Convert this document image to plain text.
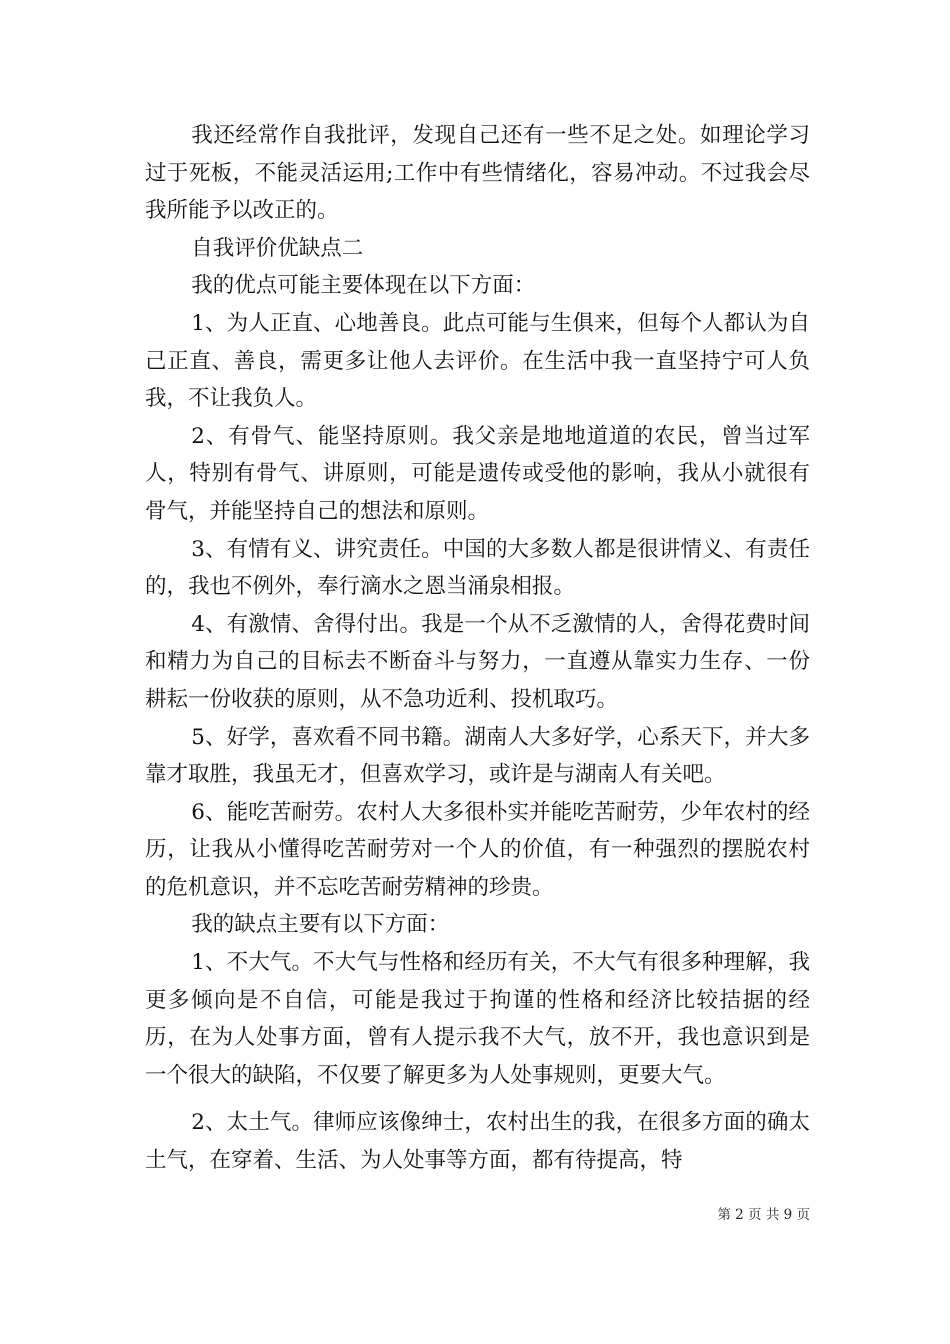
我还经常作自我批评，发现自己还有一些不足之处。如理论学习过于死板，不能灵活运用;工作中有些情绪化，容易冲动。不过我会尽我所能予以改正的。

自我评价优缺点二

我的优点可能主要体现在以下方面：

1、为人正直、心地善良。此点可能与生俱来，但每个人都认为自己正直、善良，需更多让他人去评价。在生活中我一直坚持宁可人负我，不让我负人。

2、有骨气、能坚持原则。我父亲是地地道道的农民，曾当过军人，特别有骨气、讲原则，可能是遗传或受他的影响，我从小就很有骨气，并能坚持自己的想法和原则。

3、有情有义、讲究责任。中国的大多数人都是很讲情义、有责任的，我也不例外，奉行滴水之恩当涌泉相报。

4、有激情、舍得付出。我是一个从不乏激情的人，舍得花费时间和精力为自己的目标去不断奋斗与努力，一直遵从靠实力生存、一份耕耘一份收获的原则，从不急功近利、投机取巧。

5、好学，喜欢看不同书籍。湖南人大多好学，心系天下，并大多靠才取胜，我虽无才，但喜欢学习，或许是与湖南人有关吧。

6、能吃苦耐劳。农村人大多很朴实并能吃苦耐劳，少年农村的经历，让我从小懂得吃苦耐劳对一个人的价值，有一种强烈的摆脱农村的危机意识，并不忘吃苦耐劳精神的珍贵。

我的缺点主要有以下方面：

1、不大气。不大气与性格和经历有关，不大气有很多种理解，我更多倾向是不自信，可能是我过于拘谨的性格和经济比较拮据的经历，在为人处事方面，曾有人提示我不大气，放不开，我也意识到是一个很大的缺陷，不仅要了解更多为人处事规则，更要大气。

2、太土气。律师应该像绅士，农村出生的我，在很多方面的确太土气，在穿着、生活、为人处事等方面，都有待提高，特

第 2 页 共 9 页
